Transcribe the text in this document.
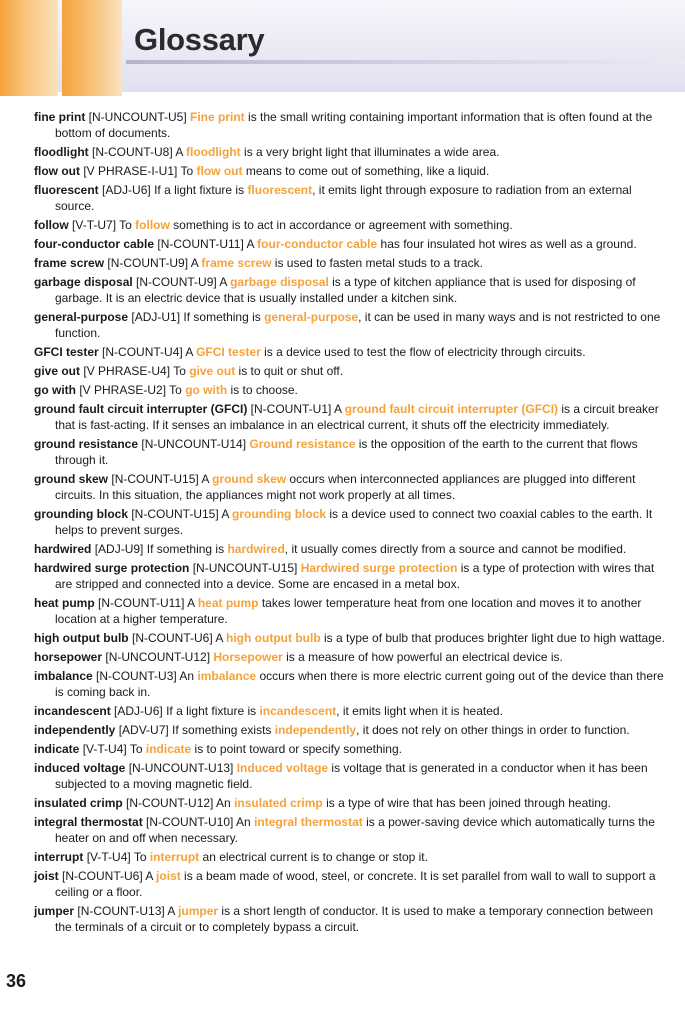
Glossary
fine print [N-UNCOUNT-U5] Fine print is the small writing containing important information that is often found at the bottom of documents.
floodlight [N-COUNT-U8] A floodlight is a very bright light that illuminates a wide area.
flow out [V PHRASE-I-U1] To flow out means to come out of something, like a liquid.
fluorescent [ADJ-U6] If a light fixture is fluorescent, it emits light through exposure to radiation from an external source.
follow [V-T-U7] To follow something is to act in accordance or agreement with something.
four-conductor cable [N-COUNT-U11] A four-conductor cable has four insulated hot wires as well as a ground.
frame screw [N-COUNT-U9] A frame screw is used to fasten metal studs to a track.
garbage disposal [N-COUNT-U9] A garbage disposal is a type of kitchen appliance that is used for disposing of garbage. It is an electric device that is usually installed under a kitchen sink.
general-purpose [ADJ-U1] If something is general-purpose, it can be used in many ways and is not restricted to one function.
GFCI tester [N-COUNT-U4] A GFCI tester is a device used to test the flow of electricity through circuits.
give out [V PHRASE-U4] To give out is to quit or shut off.
go with [V PHRASE-U2] To go with is to choose.
ground fault circuit interrupter (GFCI) [N-COUNT-U1] A ground fault circuit interrupter (GFCI) is a circuit breaker that is fast-acting. If it senses an imbalance in an electrical current, it shuts off the electricity immediately.
ground resistance [N-UNCOUNT-U14] Ground resistance is the opposition of the earth to the current that flows through it.
ground skew [N-COUNT-U15] A ground skew occurs when interconnected appliances are plugged into different circuits. In this situation, the appliances might not work properly at all times.
grounding block [N-COUNT-U15] A grounding block is a device used to connect two coaxial cables to the earth. It helps to prevent surges.
hardwired [ADJ-U9] If something is hardwired, it usually comes directly from a source and cannot be modified.
hardwired surge protection [N-UNCOUNT-U15] Hardwired surge protection is a type of protection with wires that are stripped and connected into a device. Some are encased in a metal box.
heat pump [N-COUNT-U11] A heat pump takes lower temperature heat from one location and moves it to another location at a higher temperature.
high output bulb [N-COUNT-U6] A high output bulb is a type of bulb that produces brighter light due to high wattage.
horsepower [N-UNCOUNT-U12] Horsepower is a measure of how powerful an electrical device is.
imbalance [N-COUNT-U3] An imbalance occurs when there is more electric current going out of the device than there is coming back in.
incandescent [ADJ-U6] If a light fixture is incandescent, it emits light when it is heated.
independently [ADV-U7] If something exists independently, it does not rely on other things in order to function.
indicate [V-T-U4] To indicate is to point toward or specify something.
induced voltage [N-UNCOUNT-U13] Induced voltage is voltage that is generated in a conductor when it has been subjected to a moving magnetic field.
insulated crimp [N-COUNT-U12] An insulated crimp is a type of wire that has been joined through heating.
integral thermostat [N-COUNT-U10] An integral thermostat is a power-saving device which automatically turns the heater on and off when necessary.
interrupt [V-T-U4] To interrupt an electrical current is to change or stop it.
joist [N-COUNT-U6] A joist is a beam made of wood, steel, or concrete. It is set parallel from wall to wall to support a ceiling or a floor.
jumper [N-COUNT-U13] A jumper is a short length of conductor. It is used to make a temporary connection between the terminals of a circuit or to completely bypass a circuit.
36
